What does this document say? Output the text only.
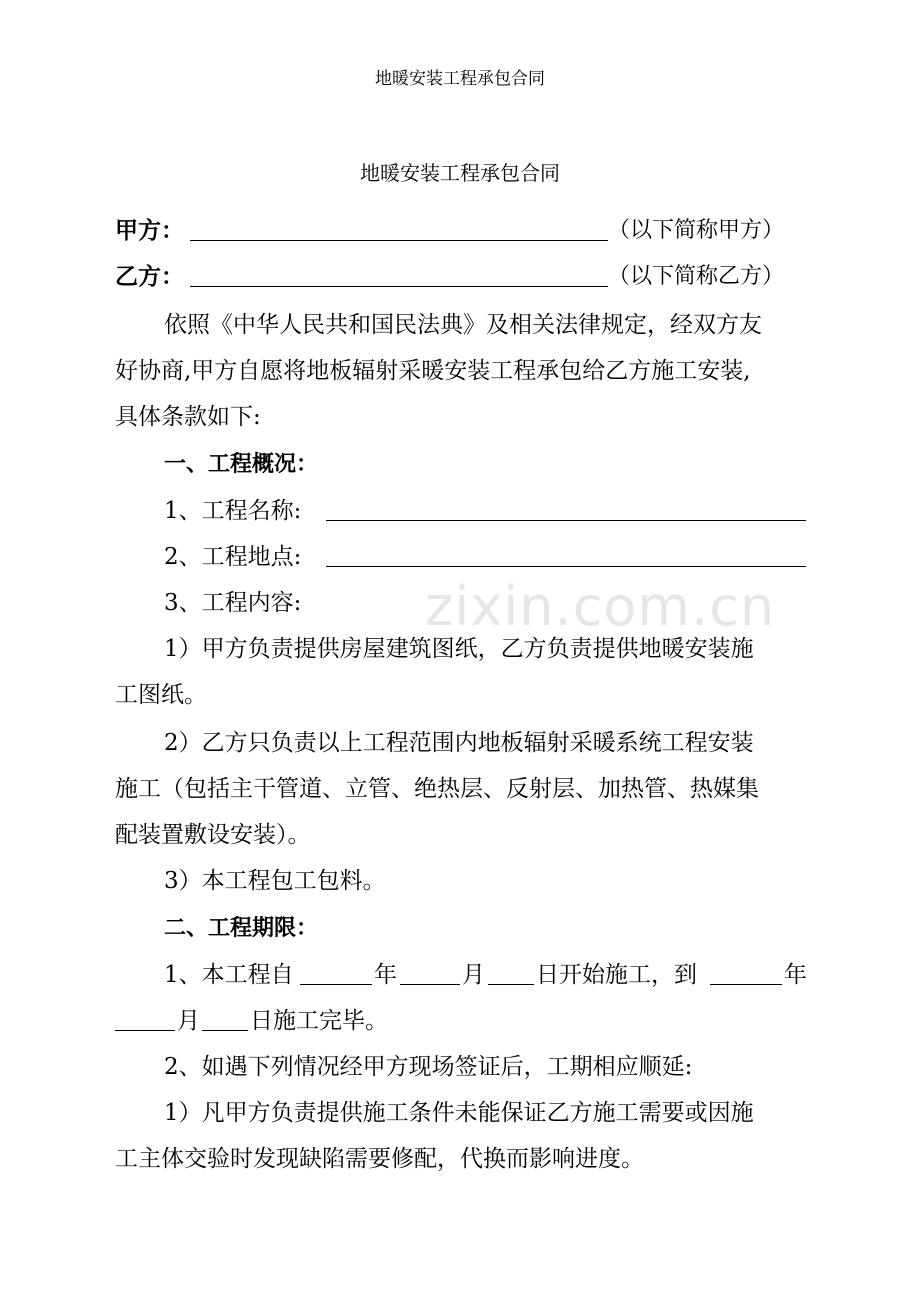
地暖安装工程承包合同
zixin.com.cn
地暖安装工程承包合同
甲方：	（以下简称甲方）
乙方：	（以下简称乙方）
依照《中华人民共和国民法典》及相关法律规定，经双方友
好协商,甲方自愿将地板辐射采暖安装工程承包给乙方施工安装,
具体条款如下:
一、工程概况：
1、工程名称:
2、工程地点:
3、工程内容:
1）甲方负责提供房屋建筑图纸，乙方负责提供地暖安装施
工图纸。
2）乙方只负责以上工程范围内地板辐射采暖系统工程安装
施工（包括主干管道、立管、绝热层、反射层、加热管、热媒集
配装置敷设安装）。
3）本工程包工包料。
二、工程期限：
1、本工程自	年	月 日开始施工，到	年
月 日施工完毕。
2、如遇下列情况经甲方现场签证后，工期相应顺延:
1）凡甲方负责提供施工条件未能保证乙方施工需要或因施
工主体交验时发现缺陷需要修配，代换而影响进度。
